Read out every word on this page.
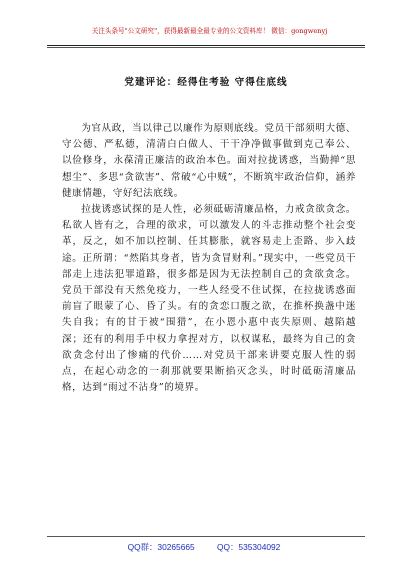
关注头条号"公文研究"，获得最新最全最专业的公文资料库！ 微信：gongwenyj
党建评论：经得住考验 守得住底线

为官从政，当以律己以廉作为原则底线。党员干部须明大德、守公德、严私德，清清白白做人、干干净净做事做到克己奉公、以俭修身，永葆清正廉洁的政治本色。面对拉拢诱惑，当勤掸“思想尘”、多思“贪欲害”、常破“心中贼”，不断筑牢政治信仰，涵养健康情趣，守好纪法底线。

拉拢诱惑试探的是人性，必须砥砺清廉品格，力戒贪欲贪念。私欲人皆有之，合理的欲求，可以激发人的斗志推动整个社会变革，反之，如不加以控制、任其膨胀，就容易走上歪路、步入歧途。正所谓：“然陷其身者，皆为贪冒财利。”现实中，一些党员干部走上违法犯罪道路，很多都是因为无法控制自己的贪欲贪念。党员干部没有天然免疫力，一些人经受不住试探，在拉拢诱惑面前盲了眼蒙了心、昏了头。有的贪恋口腹之欲，在推杯换盏中迷失自我；有的甘于被“围猎”，在小恩小惠中丧失原则、越陷越深；还有的利用手中权力拿捏对方，以权谋私，最终为自己的贪欲贪念付出了惨痛的代价……对党员干部来讲要克服人性的弱点，在起心动念的一刹那就要果断掐灭念头，时时砥砺清廉品格，达到“雨过不沾身”的境界。

QQ群：30265665	QQ：535304092
